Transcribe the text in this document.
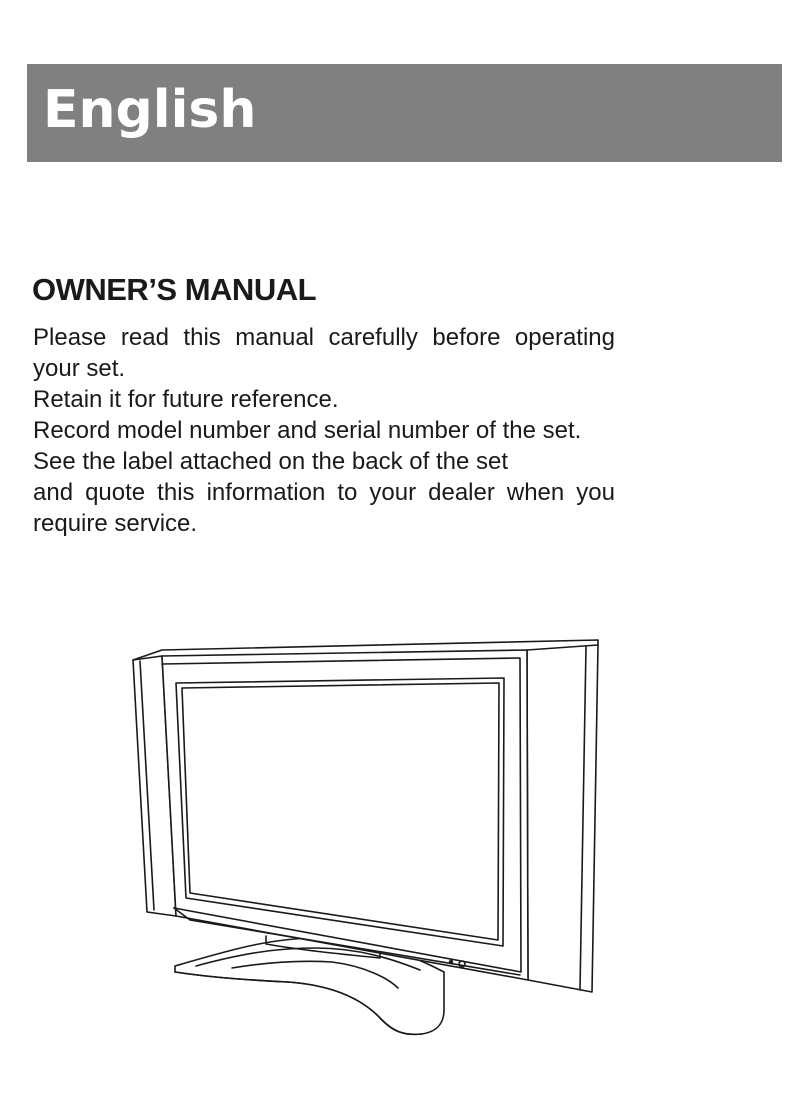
English
OWNER’S MANUAL

Please read this manual carefully before operating
your set.
Retain it for future reference.
Record model number and serial number of the set.
See the label attached on the back of the set
and quote this information to your dealer when you
require service.
